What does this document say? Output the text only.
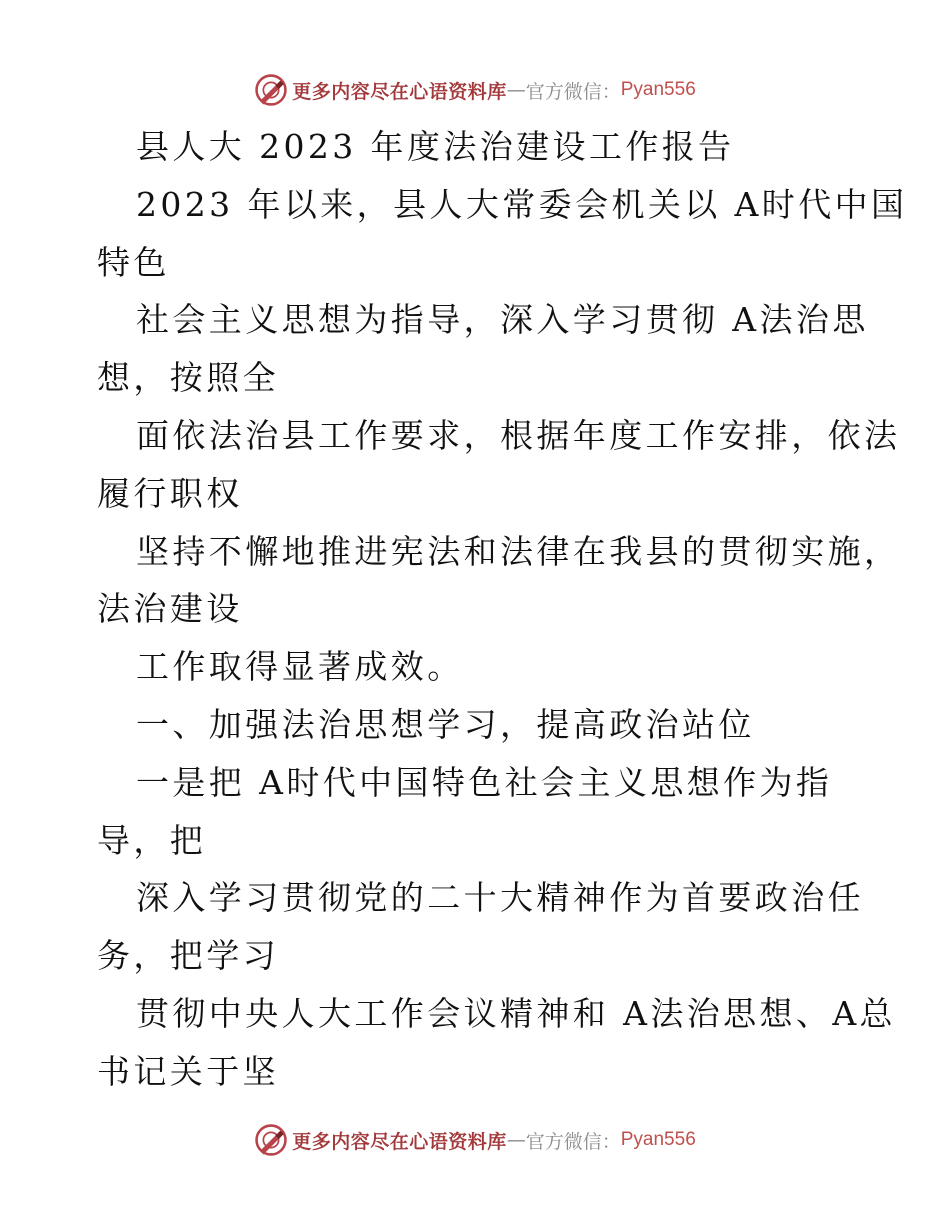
更多内容尽在心语资料库 — 官方微信： Pyan556
县人大 2023 年度法治建设工作报告
2023 年以来，县人大常委会机关以 A时代中国
特色
社会主义思想为指导，深入学习贯彻 A法治思
想，按照全
面依法治县工作要求，根据年度工作安排，依法
履行职权
坚持不懈地推进宪法和法律在我县的贯彻实施，
法治建设
工作取得显著成效。
一、加强法治思想学习，提高政治站位
一是把 A时代中国特色社会主义思想作为指
导，把
深入学习贯彻党的二十大精神作为首要政治任
务，把学习
贯彻中央人大工作会议精神和 A法治思想、A总
书记关于坚
更多内容尽在心语资料库 — 官方微信： Pyan556
